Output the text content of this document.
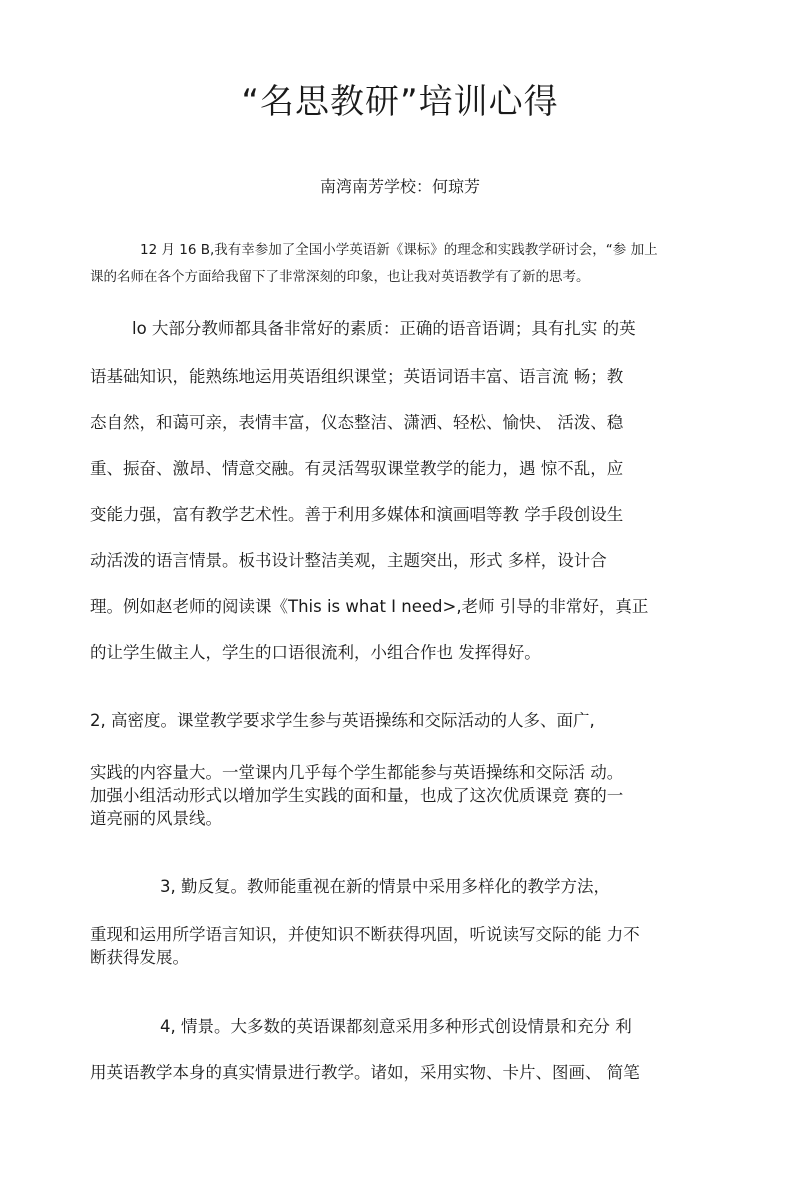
“名思教研”培训心得
南湾南芳学校：何琼芳
12 月 16 B,我有幸参加了全国小学英语新《课标》的理念和实践教学研讨会，“参 加上
课的名师在各个方面给我留下了非常深刻的印象，也让我对英语教学有了新的思考。
lo 大部分教师都具备非常好的素质：正确的语音语调；具有扎实 的英
语基础知识，能熟练地运用英语组织课堂；英语词语丰富、语言流 畅；教
态自然，和蔼可亲，表情丰富，仪态整洁、潇洒、轻松、愉快、 活泼、稳
重、振奋、激昂、情意交融。有灵活驾驭课堂教学的能力，遇 惊不乱，应
变能力强，富有教学艺术性。善于利用多媒体和演画唱等教 学手段创设生
动活泼的语言情景。板书设计整洁美观，主题突出，形式 多样，设计合
理。例如赵老师的阅读课《This is what I need>,老师 引导的非常好，真正
的让学生做主人，学生的口语很流利，小组合作也 发挥得好。
2, 高密度。课堂教学要求学生参与英语操练和交际活动的人多、面广,
实践的内容量大。一堂课内几乎每个学生都能参与英语操练和交际活 动。
加强小组活动形式以增加学生实践的面和量，也成了这次优质课竞 赛的一
道亮丽的风景线。
3, 勤反复。教师能重视在新的情景中采用多样化的教学方法，
重现和运用所学语言知识，并使知识不断获得巩固，听说读写交际的能 力不
断获得发展。
4, 情景。大多数的英语课都刻意采用多种形式创设情景和充分 利
用英语教学本身的真实情景进行教学。诸如，采用实物、卡片、图画、 简笔
